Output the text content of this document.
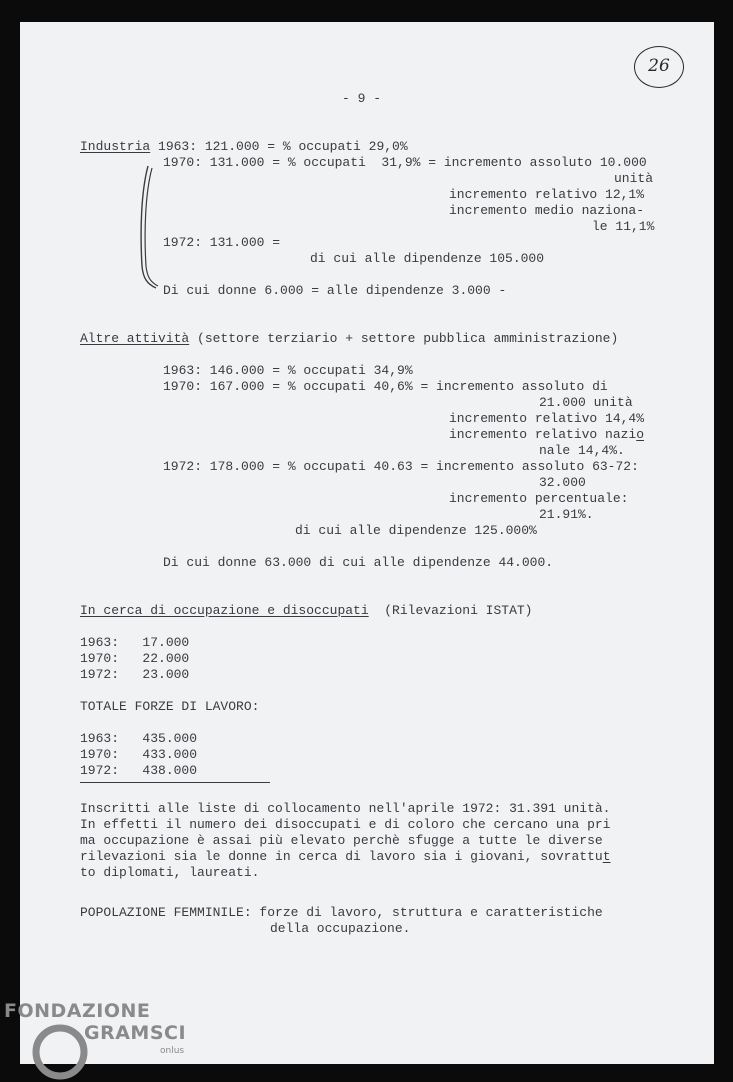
26
- 9 -
Industria 1963: 121.000 = % occupati 29,0%
1970: 131.000 = % occupati  31,9% = incremento assoluto 10.000
unità
incremento relativo 12,1%
incremento medio naziona-
le 11,1%
1972: 131.000 =
di cui alle dipendenze 105.000
Di cui donne 6.000 = alle dipendenze 3.000 -
Altre attività (settore terziario + settore pubblica amministrazione)
1963: 146.000 = % occupati 34,9%
1970: 167.000 = % occupati 40,6% = incremento assoluto di
21.000 unità
incremento relativo 14,4%
incremento relativo nazio
nale 14,4%.
1972: 178.000 = % occupati 40.63 = incremento assoluto 63-72:
32.000
incremento percentuale:
21.91%.
di cui alle dipendenze 125.000%
Di cui donne 63.000 di cui alle dipendenze 44.000.
In cerca di occupazione e disoccupati  (Rilevazioni ISTAT)
1963:   17.000
1970:   22.000
1972:   23.000
TOTALE FORZE DI LAVORO:
1963:   435.000
1970:   433.000
1972:   438.000
Inscritti alle liste di collocamento nell'aprile 1972: 31.391 unità.
In effetti il numero dei disoccupati e di coloro che cercano una pri
ma occupazione è assai più elevato perchè sfugge a tutte le diverse
rilevazioni sia le donne in cerca di lavoro sia i giovani, sovrattut
to diplomati, laureati.
POPOLAZIONE FEMMINILE: forze di lavoro, struttura e caratteristiche
della occupazione.
FONDAZIONE
GRAMSCI
onlus
